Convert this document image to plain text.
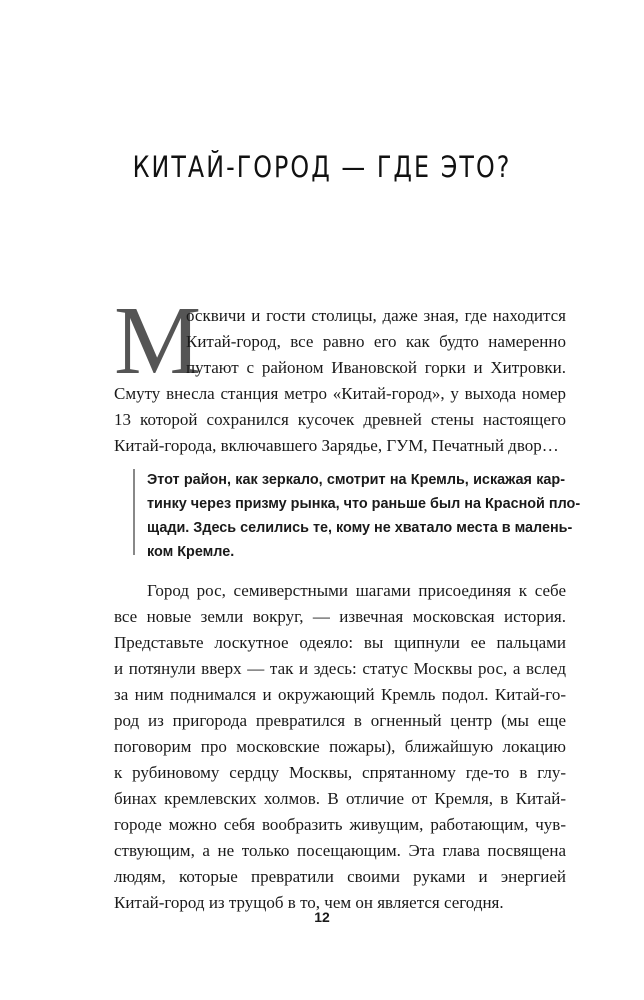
КИТАЙ-ГОРОД — ГДЕ ЭТО?
М

осквичи и гости столицы, даже зная, где находится

Китай-город, все равно его как будто намеренно

путают с районом Ивановской горки и Хитровки.

Смуту внесла станция метро «Китай-город», у выхода номер

13 которой сохранился кусочек древней стены настоящего

Китай-города, включавшего Зарядье, ГУМ, Печатный двор…

Этот район, как зеркало, смотрит на Кремль, искажая кар-

тинку через призму рынка, что раньше был на Красной пло-

щади. Здесь селились те, кому не хватало места в малень-

ком Кремле.

Город рос, семиверстными шагами присоединяя к себе

все новые земли вокруг, — извечная московская история.

Представьте лоскутное одеяло: вы щипнули ее пальцами

и потянули вверх — так и здесь: статус Москвы рос, а вслед

за ним поднимался и окружающий Кремль подол. Китай-го-

род из пригорода превратился в огненный центр (мы еще

поговорим про московские пожары), ближайшую локацию

к рубиновому сердцу Москвы, спрятанному где-то в глу-

бинах кремлевских холмов. В отличие от Кремля, в Китай-

городе можно себя вообразить живущим, работающим, чув-

ствующим, а не только посещающим. Эта глава посвящена

людям, которые превратили своими руками и энергией

Китай-город из трущоб в то, чем он является сегодня.

12
